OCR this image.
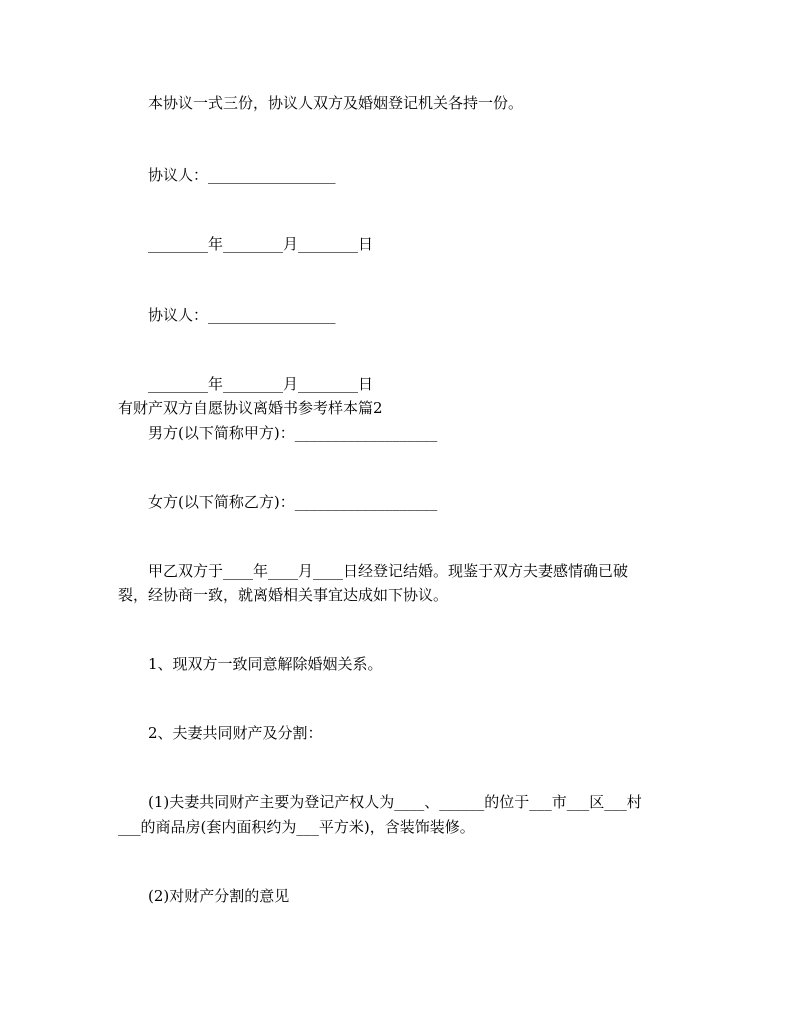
本协议一式三份，协议人双方及婚姻登记机关各持一份。

协议人：_________________

________年________月________日

协议人：_________________

________年________月________日

有财产双方自愿协议离婚书参考样本篇2

男方(以下简称甲方)：___________________

女方(以下简称乙方)：___________________

甲乙双方于____年____月____日经登记结婚。现鉴于双方夫妻感情确已破

裂，经协商一致，就离婚相关事宜达成如下协议。

1、现双方一致同意解除婚姻关系。

2、夫妻共同财产及分割：

(1)夫妻共同财产主要为登记产权人为____、______的位于___市___区___村

___的商品房(套内面积约为___平方米)，含装饰装修。

(2)对财产分割的意见
